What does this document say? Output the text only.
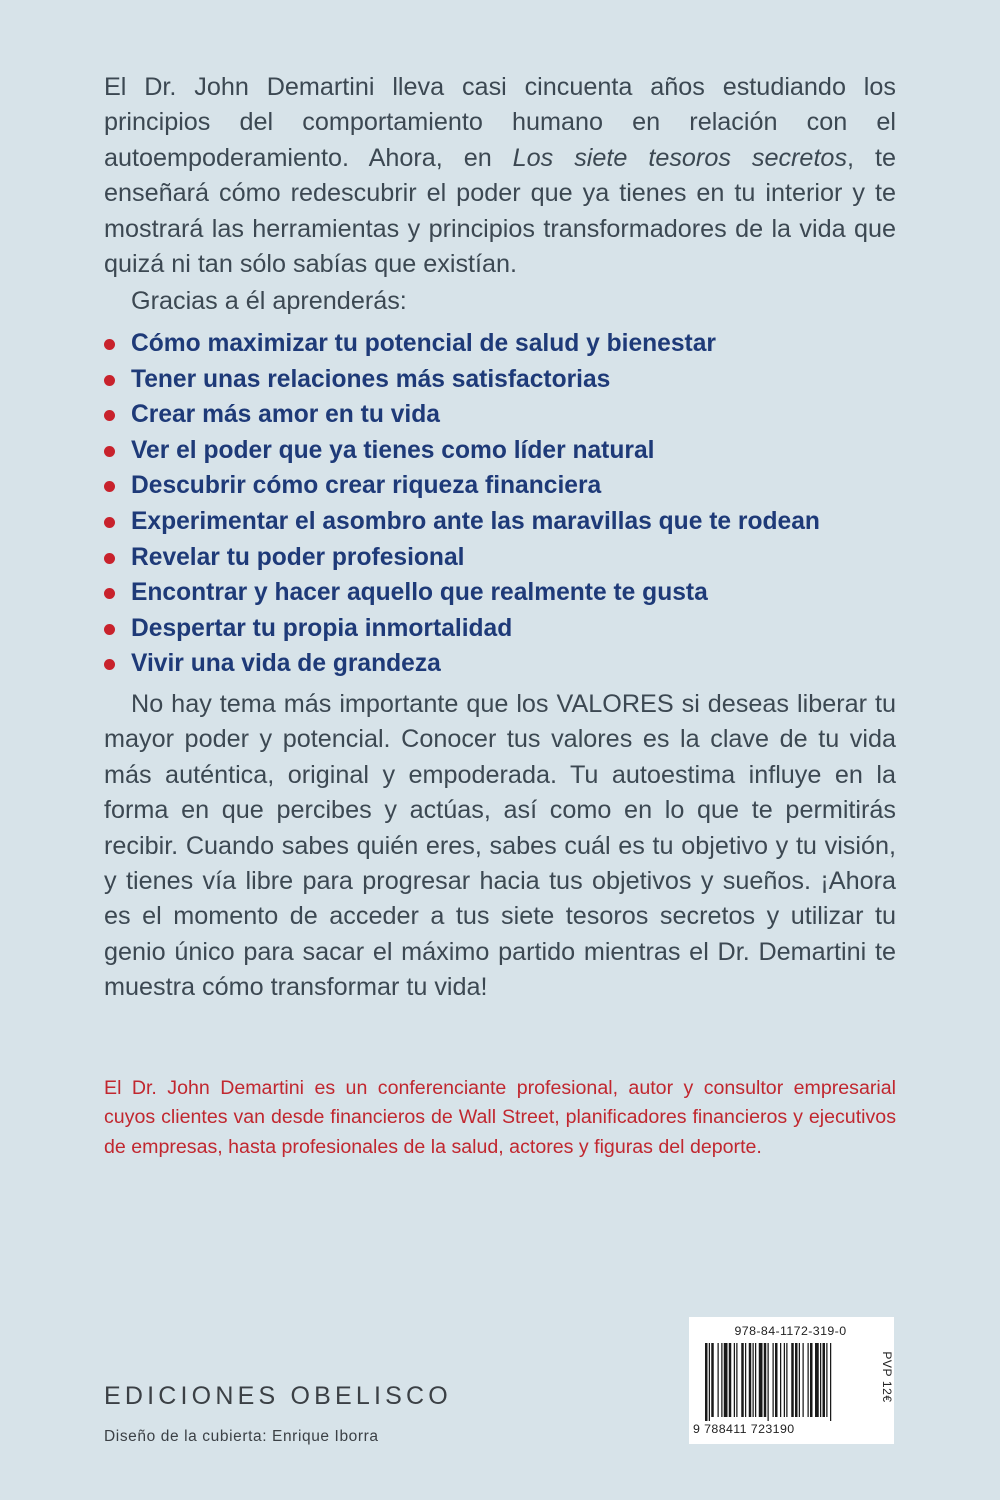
El Dr. John Demartini lleva casi cincuenta años estudiando los principios del comportamiento humano en relación con el autoempoderamiento. Ahora, en Los siete tesoros secretos, te enseñará cómo redescubrir el poder que ya tienes en tu interior y te mostrará las herramientas y principios transformadores de la vida que quizá ni tan sólo sabías que existían.

Gracias a él aprenderás:

Cómo maximizar tu potencial de salud y bienestar
Tener unas relaciones más satisfactorias
Crear más amor en tu vida
Ver el poder que ya tienes como líder natural
Descubrir cómo crear riqueza financiera
Experimentar el asombro ante las maravillas que te rodean
Revelar tu poder profesional
Encontrar y hacer aquello que realmente te gusta
Despertar tu propia inmortalidad
Vivir una vida de grandeza

No hay tema más importante que los VALORES si deseas liberar tu mayor poder y potencial. Conocer tus valores es la clave de tu vida más auténtica, original y empoderada. Tu autoestima influye en la forma en que percibes y actúas, así como en lo que te permitirás recibir. Cuando sabes quién eres, sabes cuál es tu objetivo y tu visión, y tienes vía libre para progresar hacia tus objetivos y sueños. ¡Ahora es el momento de acceder a tus siete tesoros secretos y utilizar tu genio único para sacar el máximo partido mientras el Dr. Demartini te muestra cómo transformar tu vida!

El Dr. John Demartini es un conferenciante profesional, autor y consultor empresarial cuyos clientes van desde financieros de Wall Street, planificadores financieros y ejecutivos de empresas, hasta profesionales de la salud, actores y figuras del deporte.

EDICIONES OBELISCO
Diseño de la cubierta: Enrique Iborra
978-84-1172-319-0
9 788411 723190
PVP 12€
